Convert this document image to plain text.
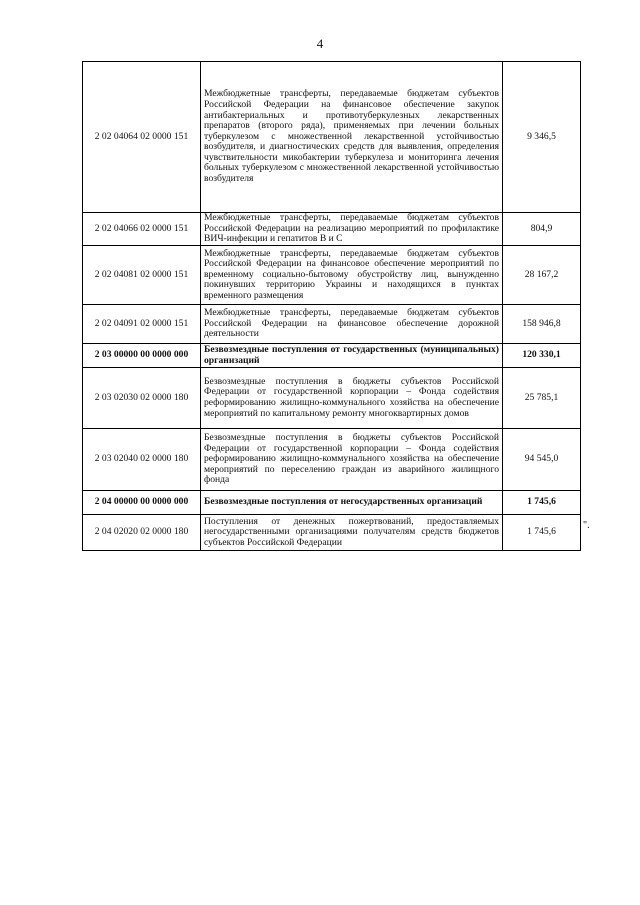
4
2 02 04064 02 0000 151	Межбюджетные трансферты, передаваемые бюджетам субъектов Российской Федерации на финансовое обеспечение закупок антибактериальных и противотуберкулезных лекарственных препаратов (второго ряда), применяемых при лечении больных туберкулезом с множественной лекарственной устойчивостью возбудителя, и диагностических средств для выявления, определения чувствительности микобактерии туберкулеза и мониторинга лечения больных туберкулезом с множественной лекарственной устойчивостью возбудителя	9 346,5
2 02 04066 02 0000 151	Межбюджетные трансферты, передаваемые бюджетам субъектов Российской Федерации на реализацию мероприятий по профилактике ВИЧ-инфекции и гепатитов В и С	804,9
2 02 04081 02 0000 151	Межбюджетные трансферты, передаваемые бюджетам субъектов Российской Федерации на финансовое обеспечение мероприятий по временному социально-бытовому обустройству лиц, вынужденно покинувших территорию Украины и находящихся в пунктах временного размещения	28 167,2
2 02 04091 02 0000 151	Межбюджетные трансферты, передаваемые бюджетам субъектов Российской Федерации на финансовое обеспечение дорожной деятельности	158 946,8
2 03 00000 00 0000 000	Безвозмездные поступления от государственных (муниципальных) организаций	120 330,1
2 03 02030 02 0000 180	Безвозмездные поступления в бюджеты субъектов Российской Федерации от государственной корпорации – Фонда содействия реформированию жилищно-коммунального хозяйства на обеспечение мероприятий по капитальному ремонту многоквартирных домов	25 785,1
2 03 02040 02 0000 180	Безвозмездные поступления в бюджеты субъектов Российской Федерации от государственной корпорации – Фонда содействия реформированию жилищно-коммунального хозяйства на обеспечение мероприятий по переселению граждан из аварийного жилищного фонда	94 545,0
2 04 00000 00 0000 000	Безвозмездные поступления от негосударственных организаций	1 745,6
2 04 02020 02 0000 180	Поступления от денежных пожертвований, предоставляемых негосударственными организациями получателям средств бюджетов субъектов Российской Федерации	1 745,6
".
